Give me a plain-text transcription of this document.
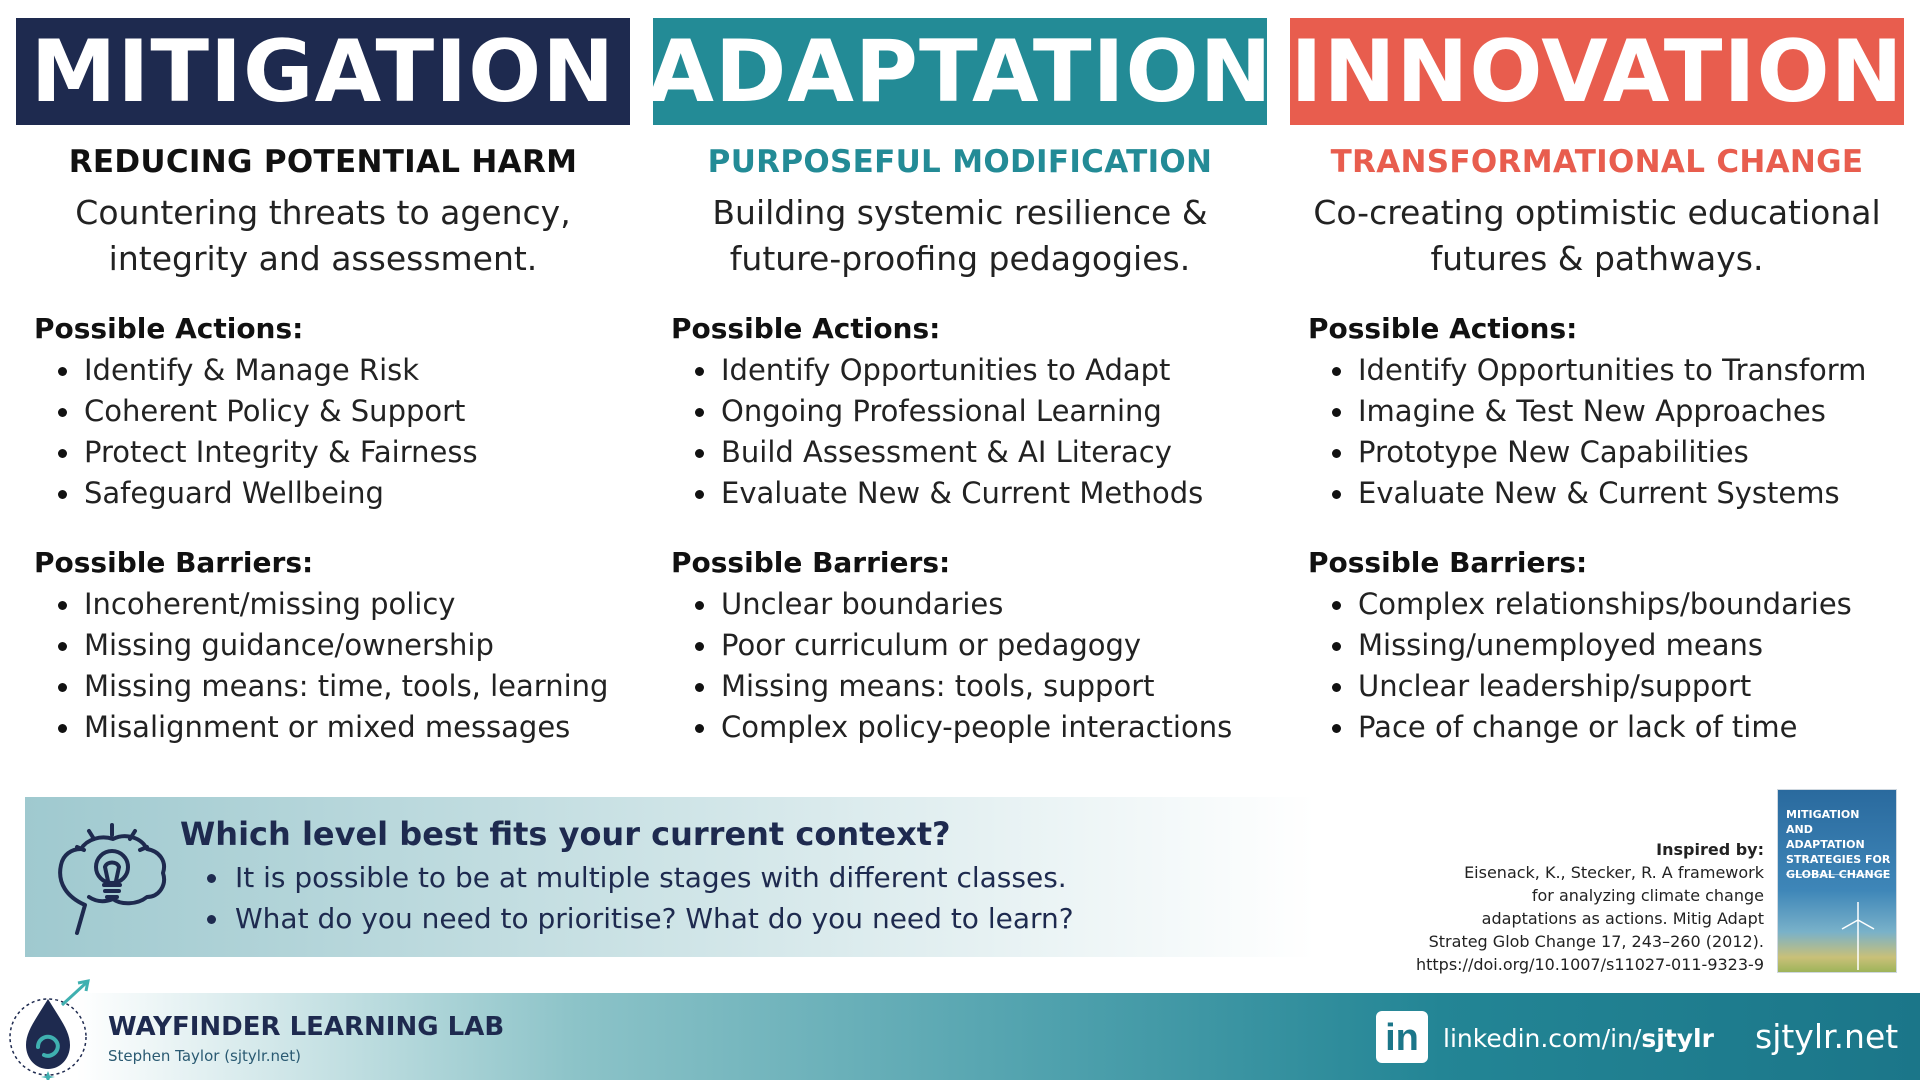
MITIGATION
REDUCING POTENTIAL HARM
Countering threats to agency,
integrity and assessment.
Possible Actions:
Identify & Manage Risk
Coherent Policy & Support
Protect Integrity & Fairness
Safeguard Wellbeing
Possible Barriers:
Incoherent/missing policy
Missing guidance/ownership
Missing means: time, tools, learning
Misalignment or mixed messages
ADAPTATION
PURPOSEFUL MODIFICATION
Building systemic resilience &
future-proofing pedagogies.
Possible Actions:
Identify Opportunities to Adapt
Ongoing Professional Learning
Build Assessment & AI Literacy
Evaluate New & Current Methods
Possible Barriers:
Unclear boundaries
Poor curriculum or pedagogy
Missing means: tools, support
Complex policy-people interactions
INNOVATION
TRANSFORMATIONAL CHANGE
Co-creating optimistic educational
futures & pathways.
Possible Actions:
Identify Opportunities to Transform
Imagine & Test New Approaches
Prototype New Capabilities
Evaluate New & Current Systems
Possible Barriers:
Complex relationships/boundaries
Missing/unemployed means
Unclear leadership/support
Pace of change or lack of time
Which level best fits your current context?
It is possible to be at multiple stages with different classes.
What do you need to prioritise? What do you need to learn?
Inspired by:
Eisenack, K., Stecker, R. A framework
for analyzing climate change
adaptations as actions. Mitig Adapt
Strateg Glob Change 17, 243–260 (2012).
https://doi.org/10.1007/s11027-011-9323-9
MITIGATION
AND ADAPTATION
STRATEGIES FOR
GLOBAL CHANGE
WAYFINDER LEARNING LAB
Stephen Taylor (sjtylr.net)	in linkedin.com/in/sjtylr sjtylr.net
